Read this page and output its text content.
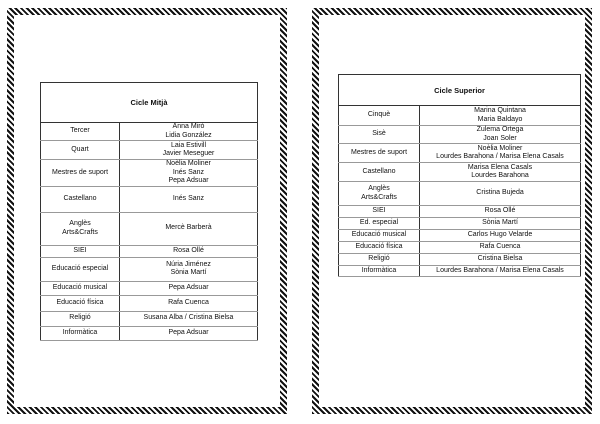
Cicle Mitjà	

Tercer	Anna Miró
Lidia González

Quart	Laia Estivill
Javier Meseguer

Mestres de suport	Noèlia Moliner
Inés Sanz
Pepa Adsuar

Castellano	Inés Sanz

Anglès
Arts&Crafts	Mercè Barberà

SIEI	Rosa Ollé

Educació especial	Núria Jiménez
Sònia Martí

Educació musical	Pepa Adsuar

Educació física	Rafa Cuenca

Religió	Susana Alba / Cristina Bielsa

Informàtica	Pepa Adsuar
Cicle Superior	

Cinquè	Marina Quintana
Maria Baldayo

Sisè	Zulema Ortega
Joan Soler

Mestres de suport	Noèlia Moliner
Lourdes Barahona / Marisa Elena Casals

Castellano	Marisa Elena Casals
Lourdes Barahona

Anglès
Arts&Crafts	Cristina Bujeda

SIEI	Rosa Ollé

Ed. especial	Sònia Martí

Educació musical	Carlos Hugo Velarde

Educació física	Rafa Cuenca

Religió	Cristina Bielsa

Informàtica	Lourdes Barahona / Marisa Elena Casals
